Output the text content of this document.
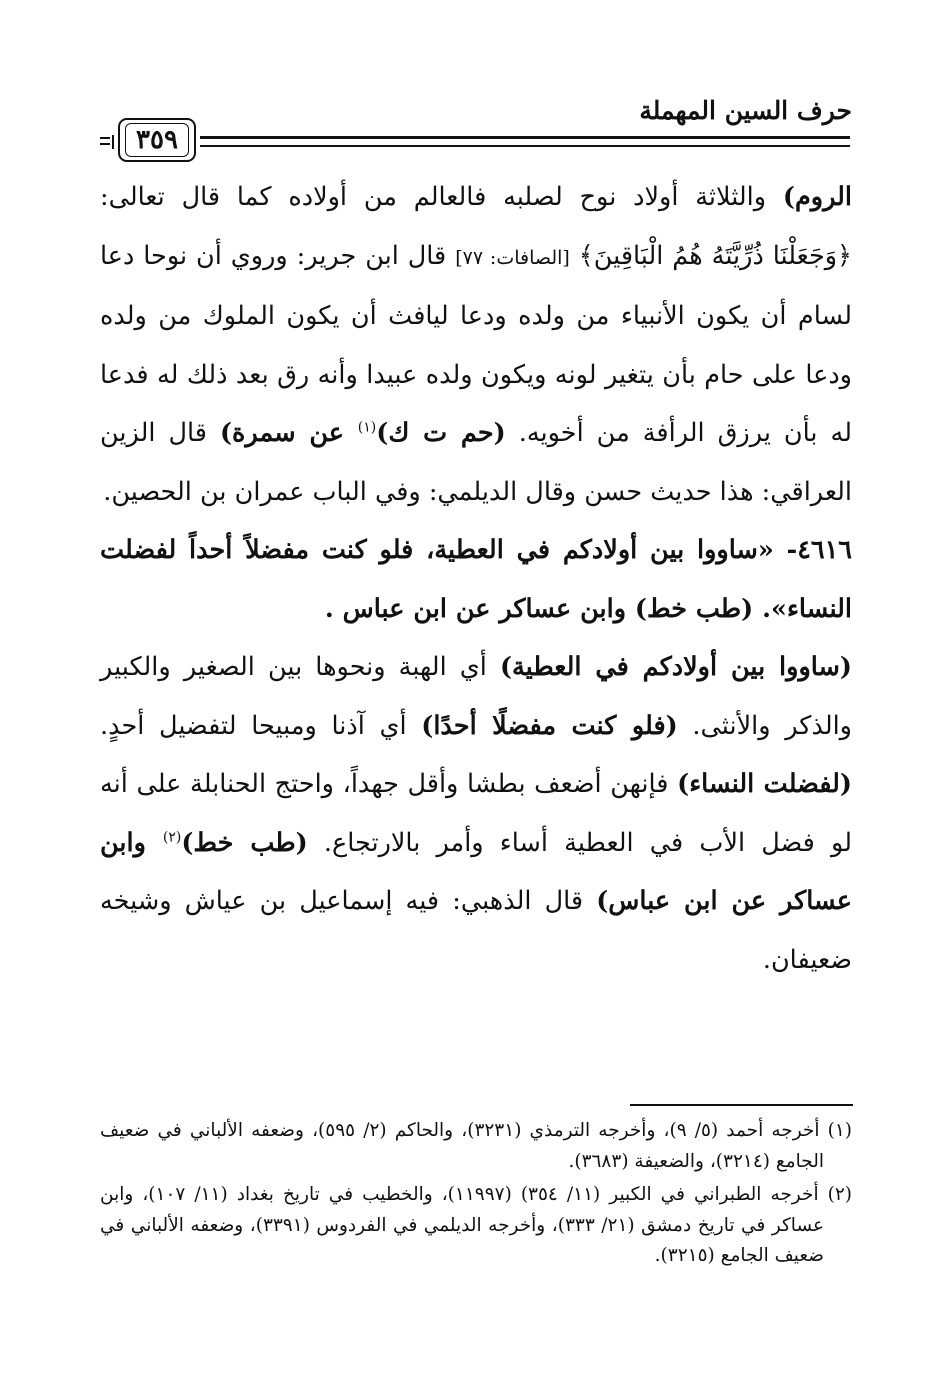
حرف السين المهملة
٣٥٩

الروم) والثلاثة أولاد نوح لصلبه فالعالم من أولاده كما قال تعالى: ﴿وَجَعَلْنَا ذُرِّيَّتَهُ هُمُ الْبَاقِينَ﴾ [الصافات: ٧٧] قال ابن جرير: وروي أن نوحا دعا لسام أن يكون الأنبياء من ولده ودعا ليافث أن يكون الملوك من ولده ودعا على حام بأن يتغير لونه ويكون ولده عبيدا وأنه رق بعد ذلك له فدعا له بأن يرزق الرأفة من أخويه. (حم ت ك)$^{(١)}$ عن سمرة) قال الزين العراقي: هذا حديث حسن وقال الديلمي: وفي الباب عمران بن الحصين.

٤٦١٦- «ساووا بين أولادكم في العطية، فلو كنت مفضلاً أحداً لفضلت النساء». (طب خط) وابن عساكر عن ابن عباس .

(ساووا بين أولادكم في العطية) أي الهبة ونحوها بين الصغير والكبير والذكر والأنثى. (فلو كنت مفضلًا أحدًا) أي آذنا ومبيحا لتفضيل أحدٍ. (لفضلت النساء) فإنهن أضعف بطشا وأقل جهداً، واحتج الحنابلة على أنه لو فضل الأب في العطية أساء وأمر بالارتجاع. (طب خط)$^{(٢)}$ وابن عساكر عن ابن عباس) قال الذهبي: فيه إسماعيل بن عياش وشيخه ضعيفان.

(١) أخرجه أحمد (٥/ ٩)، وأخرجه الترمذي (٣٢٣١)، والحاكم (٢/ ٥٩٥)، وضعفه الألباني في ضعيف الجامع (٣٢١٤)، والضعيفة (٣٦٨٣).

(٢) أخرجه الطبراني في الكبير (١١/ ٣٥٤) (١١٩٩٧)، والخطيب في تاريخ بغداد (١١/ ١٠٧)، وابن عساكر في تاريخ دمشق (٢١/ ٣٣٣)، وأخرجه الديلمي في الفردوس (٣٣٩١)، وضعفه الألباني في ضعيف الجامع (٣٢١٥).
